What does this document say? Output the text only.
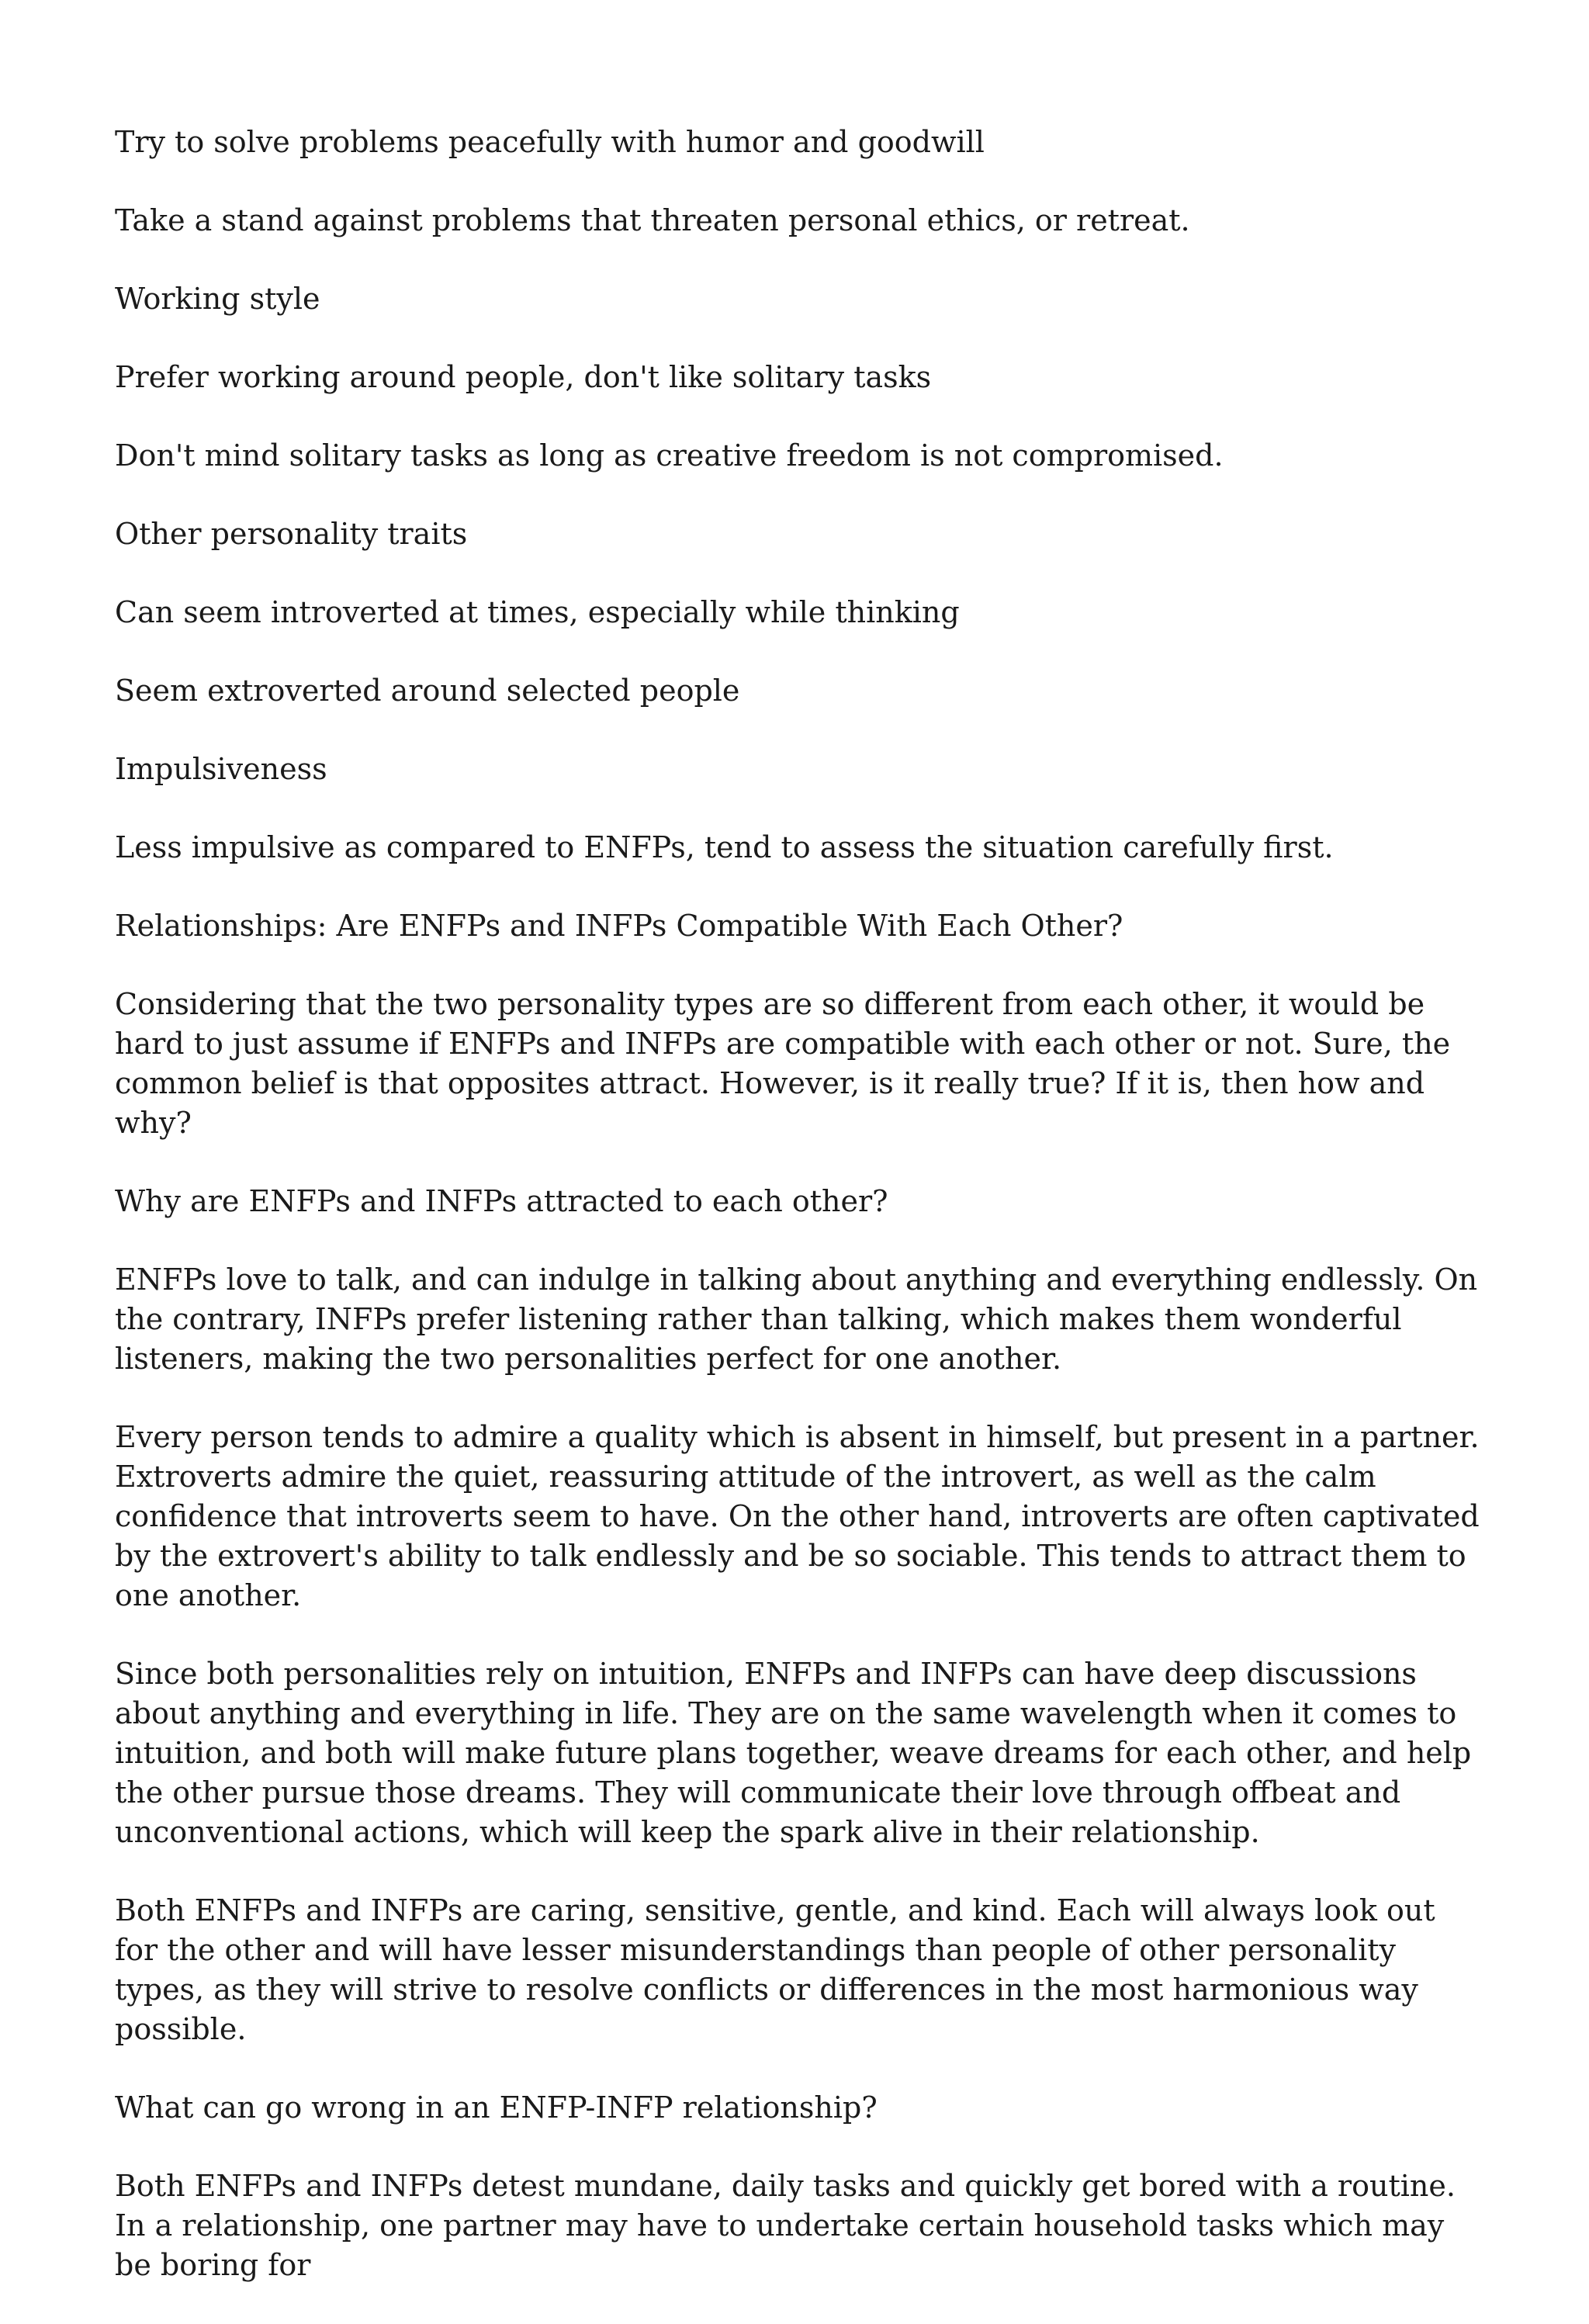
Try to solve problems peacefully with humor and goodwill

Take a stand against problems that threaten personal ethics, or retreat.

Working style

Prefer working around people, don't like solitary tasks

Don't mind solitary tasks as long as creative freedom is not compromised.

Other personality traits

Can seem introverted at times, especially while thinking

Seem extroverted around selected people

Impulsiveness

Less impulsive as compared to ENFPs, tend to assess the situation carefully first.

Relationships: Are ENFPs and INFPs Compatible With Each Other?

Considering that the two personality types are so different from each other, it would be hard to just assume if ENFPs and INFPs are compatible with each other or not. Sure, the common belief is that opposites attract. However, is it really true? If it is, then how and why?

Why are ENFPs and INFPs attracted to each other?

ENFPs love to talk, and can indulge in talking about anything and everything endlessly. On the contrary, INFPs prefer listening rather than talking, which makes them wonderful listeners, making the two personalities perfect for one another.

Every person tends to admire a quality which is absent in himself, but present in a partner. Extroverts admire the quiet, reassuring attitude of the introvert, as well as the calm confidence that introverts seem to have. On the other hand, introverts are often captivated by the extrovert's ability to talk endlessly and be so sociable. This tends to attract them to one another.

Since both personalities rely on intuition, ENFPs and INFPs can have deep discussions about anything and everything in life. They are on the same wavelength when it comes to intuition, and both will make future plans together, weave dreams for each other, and help the other pursue those dreams. They will communicate their love through offbeat and unconventional actions, which will keep the spark alive in their relationship.

Both ENFPs and INFPs are caring, sensitive, gentle, and kind. Each will always look out for the other and will have lesser misunderstandings than people of other personality types, as they will strive to resolve conflicts or differences in the most harmonious way possible.

What can go wrong in an ENFP-INFP relationship?

Both ENFPs and INFPs detest mundane, daily tasks and quickly get bored with a routine. In a relationship, one partner may have to undertake certain household tasks which may be boring for
